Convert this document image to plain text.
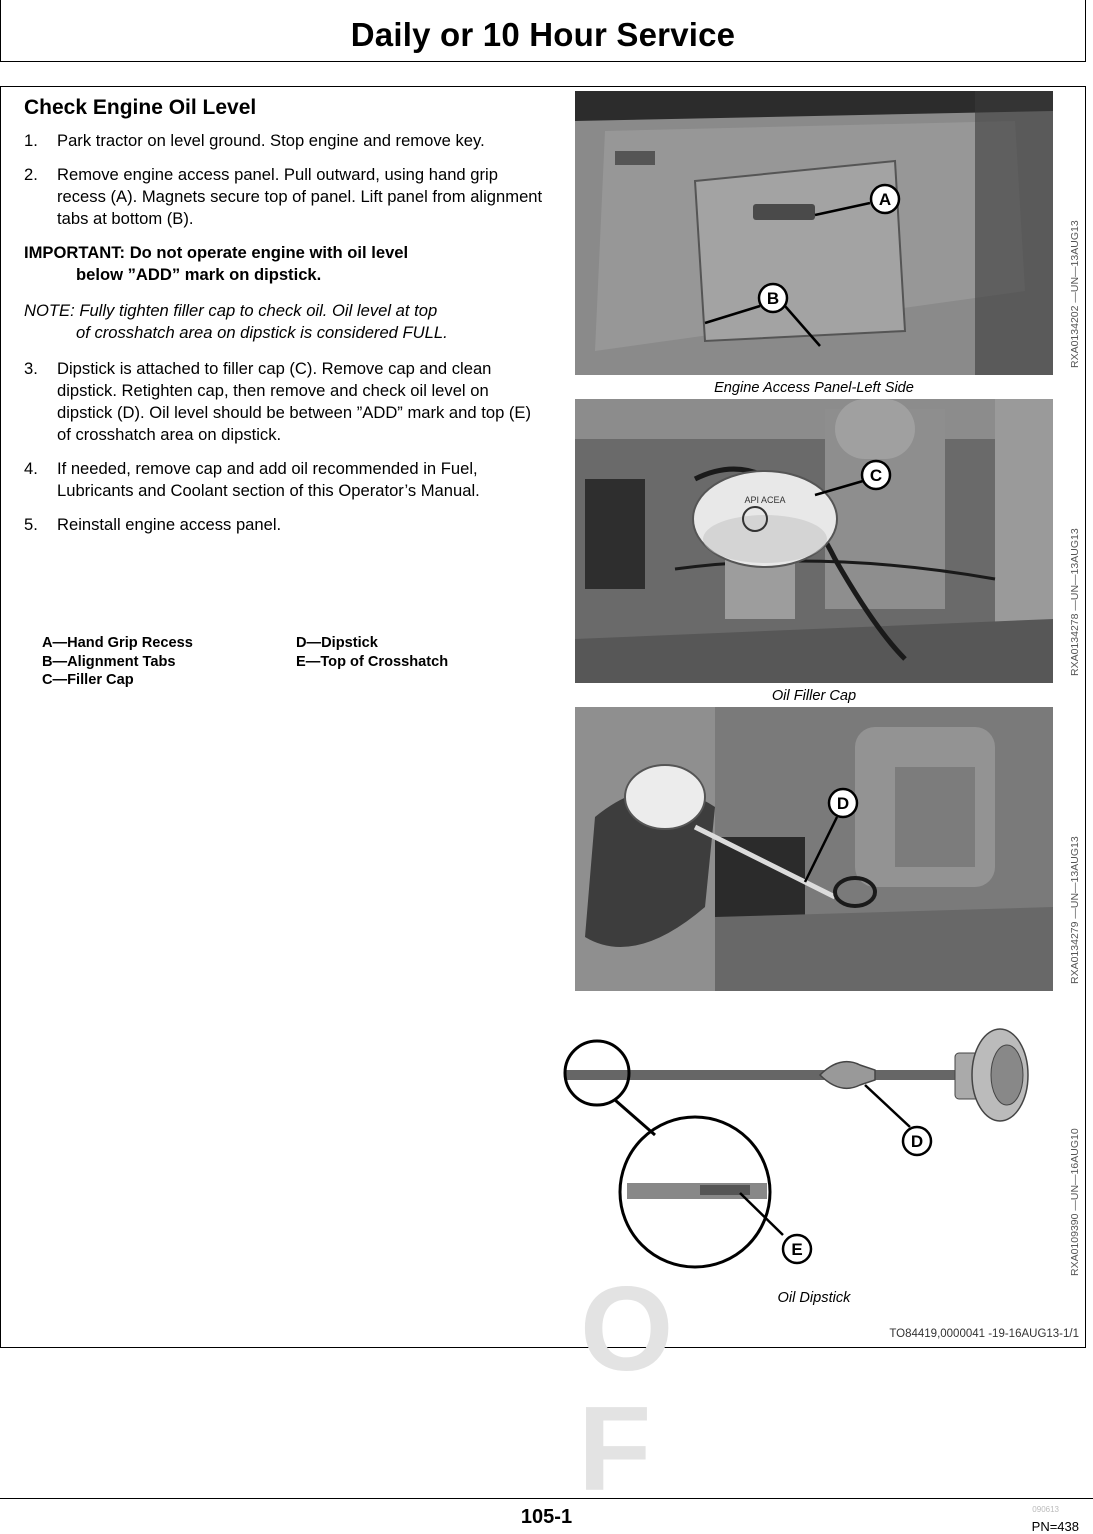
Daily or 10 Hour Service
O
F
Check Engine Oil Level
1. Park tractor on level ground. Stop engine and remove key.
2. Remove engine access panel. Pull outward, using hand grip recess (A). Magnets secure top of panel. Lift panel from alignment tabs at bottom (B).
IMPORTANT: Do not operate engine with oil level
below ”ADD” mark on dipstick.
NOTE: Fully tighten filler cap to check oil. Oil level at top
of crosshatch area on dipstick is considered FULL.
3. Dipstick is attached to filler cap (C). Remove cap and clean dipstick. Retighten cap, then remove and check oil level on dipstick (D). Oil level should be between ”ADD” mark and top (E) of crosshatch area on dipstick.
4. If needed, remove cap and add oil recommended in Fuel, Lubricants and Coolant section of this Operator’s Manual.
5. Reinstall engine access panel.
A—Hand Grip Recess
B—Alignment Tabs
C—Filler Cap
D—Dipstick
E—Top of Crosshatch
A
B
Engine Access Panel-Left Side
RXA0134202 —UN—13AUG13
API ACEA
C
Oil Filler Cap
RXA0134278 —UN—13AUG13
D
RXA0134279 —UN—13AUG13
D
E
Oil Dipstick
RXA0109390 —UN—16AUG10
TO84419,0000041 -19-16AUG13-1/1
105-1	090613
PN=438
